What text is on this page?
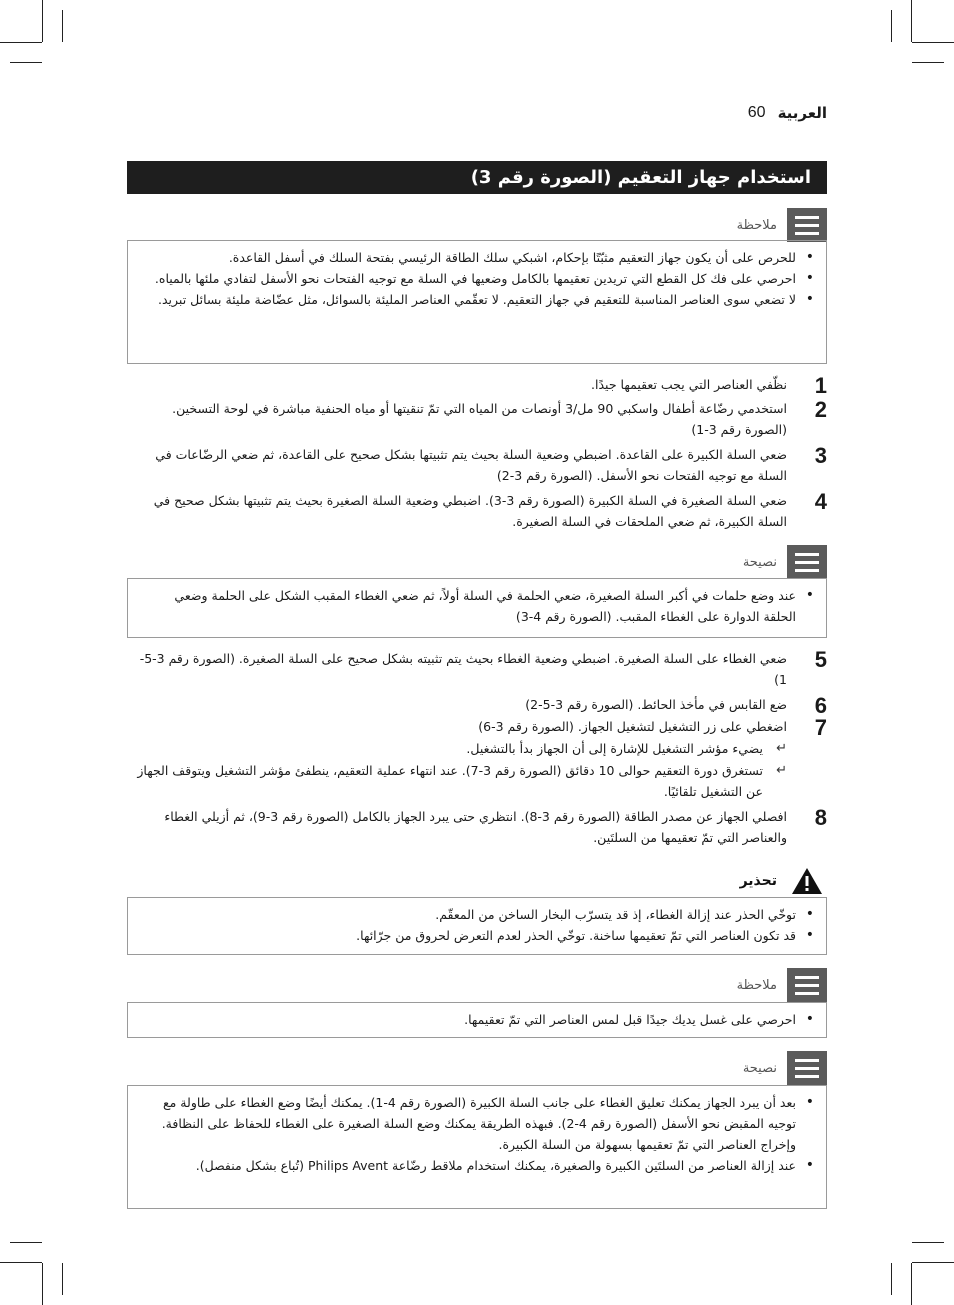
العربية
60
استخدام جهاز التعقيم (الصورة رقم 3)
ملاحظة
• للحرص على أن يكون جهاز التعقيم مثبّتًا بإحكام، اشبكي سلك الطاقة الرئيسي بفتحة السلك في أسفل القاعدة.
• احرصي على فك كل القطع التي تريدين تعقيمها بالكامل وضعيها في السلة مع توجيه الفتحات نحو الأسفل لتفادي ملئها بالمياه.
• لا تضعي سوى العناصر المناسبة للتعقيم في جهاز التعقيم. لا تعقّمي العناصر المليئة بالسوائل، مثل عضّاضة مليئة بسائل تبريد.
1
نظّفي العناصر التي يجب تعقيمها جيدًا.
2
استخدمي رضّاعة أطفال واسكبي 90 مل/3 أونصات من المياه التي تمّ تنقيتها أو مياه الحنفية مباشرة في لوحة التسخين. (الصورة رقم 3-1)
3
ضعي السلة الكبيرة على القاعدة. اضبطي وضعية السلة بحيث يتم تثبيتها بشكل صحيح على القاعدة، ثم ضعي الرضّاعات في السلة مع توجيه الفتحات نحو الأسفل. (الصورة رقم 3-2)
4
ضعي السلة الصغيرة في السلة الكبيرة (الصورة رقم 3-3). اضبطي وضعية السلة الصغيرة بحيث يتم تثبيتها بشكل صحيح في السلة الكبيرة، ثم ضعي الملحقات في السلة الصغيرة.
نصيحة
• عند وضع حلمات في أكبر السلة الصغيرة، ضعي الحلمة في السلة أولاً، ثم ضعي الغطاء المقبب الشكل على الحلمة وضعي الحلقة الدوارة على الغطاء المقبب. (الصورة رقم 4-3)
5
ضعي الغطاء على السلة الصغيرة. اضبطي وضعية الغطاء بحيث يتم تثبيته بشكل صحيح على السلة الصغيرة. (الصورة رقم 3-5-1)
6
ضع القابس في مأخذ الحائط. (الصورة رقم 3-5-2)
7
اضغطي على زر التشغيل لتشغيل الجهاز. (الصورة رقم 3-6)
↵
يضيء مؤشر التشغيل للإشارة إلى أن الجهاز بدأ بالتشغيل.
↵
تستغرق دورة التعقيم حوالى 10 دقائق (الصورة رقم 3-7). عند انتهاء عملية التعقيم، ينطفئ مؤشر التشغيل ويتوقف الجهاز عن التشغيل تلقائيًا.
8
افصلي الجهاز عن مصدر الطاقة (الصورة رقم 3-8). انتظري حتى يبرد الجهاز بالكامل (الصورة رقم 3-9)، ثم أزيلي الغطاء والعناصر التي تمّ تعقيمها من السلتَين.
تحذير
• توخّي الحذر عند إزالة الغطاء، إذ قد يتسرّب البخار الساخن من المعقّم.
• قد تكون العناصر التي تمّ تعقيمها ساخنة. توخّي الحذر لعدم التعرض لحروق من جرّائها.
ملاحظة
• احرصي على غسل يديك جيدًا قبل لمس العناصر التي تمّ تعقيمها.
نصيحة
• بعد أن يبرد الجهاز يمكنك تعليق الغطاء على جانب السلة الكبيرة (الصورة رقم 4-1). يمكنك أيضًا وضع الغطاء على طاولة مع توجيه المقبض نحو الأسفل (الصورة رقم 4-2). فبهذه الطريقة يمكنك وضع السلة الصغيرة على الغطاء للحفاظ على النظافة. وإخراج العناصر التي تمّ تعقيمها بسهولة من السلة الكبيرة.
• عند إزالة العناصر من السلتَين الكبيرة والصغيرة، يمكنك استخدام ملاقط رضّاعة Philips Avent (تُباع بشكل منفصل).
